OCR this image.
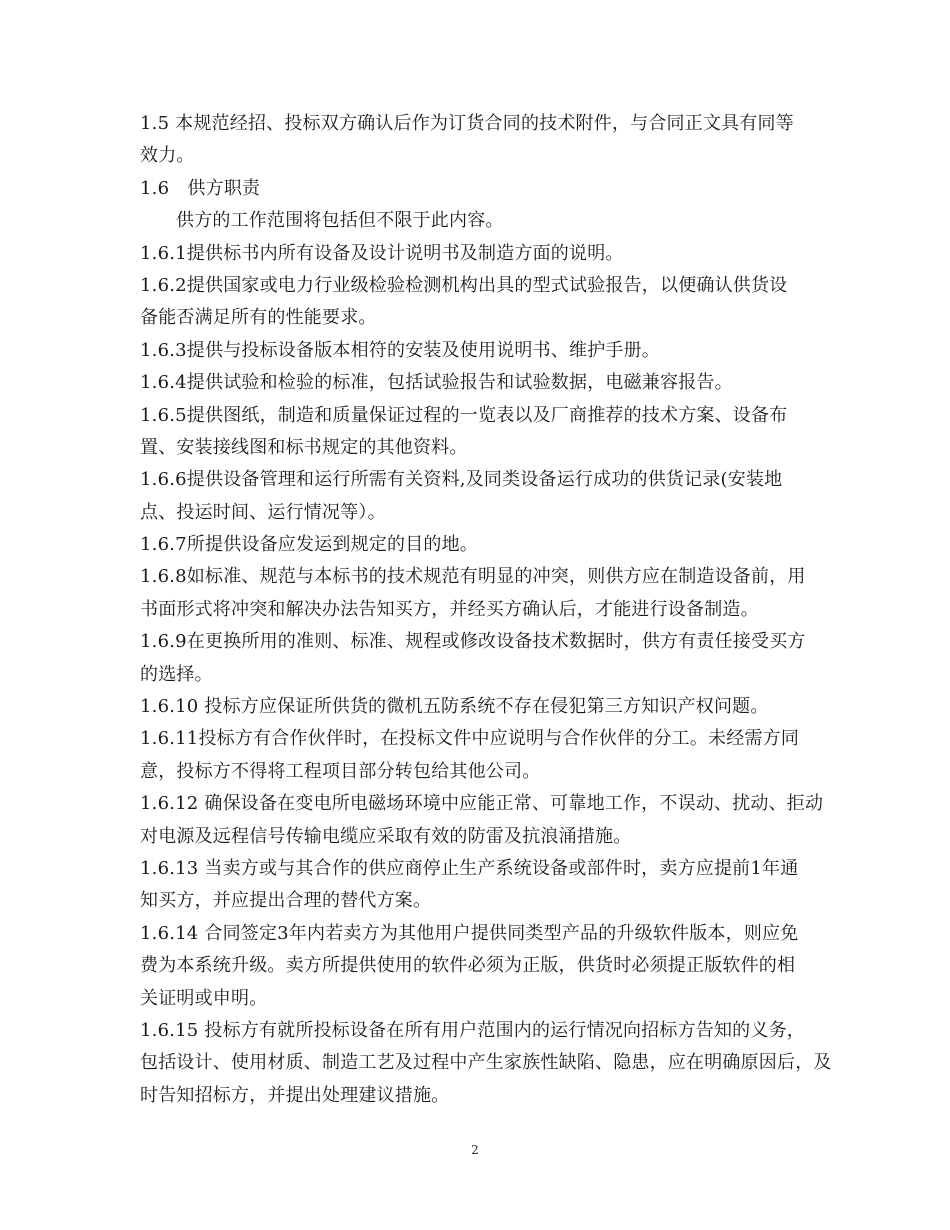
1.5 本规范经招、投标双方确认后作为订货合同的技术附件，与合同正文具有同等
效力。
1.6　供方职责
供方的工作范围将包括但不限于此内容。
1.6.1提供标书内所有设备及设计说明书及制造方面的说明。
1.6.2提供国家或电力行业级检验检测机构出具的型式试验报告，以便确认供货设
备能否满足所有的性能要求。
1.6.3提供与投标设备版本相符的安装及使用说明书、维护手册。
1.6.4提供试验和检验的标准，包括试验报告和试验数据，电磁兼容报告。
1.6.5提供图纸，制造和质量保证过程的一览表以及厂商推荐的技术方案、设备布
置、安装接线图和标书规定的其他资料。
1.6.6提供设备管理和运行所需有关资料,及同类设备运行成功的供货记录(安装地
点、投运时间、运行情况等）。
1.6.7所提供设备应发运到规定的目的地。
1.6.8如标准、规范与本标书的技术规范有明显的冲突，则供方应在制造设备前，用
书面形式将冲突和解决办法告知买方，并经买方确认后，才能进行设备制造。
1.6.9在更换所用的准则、标准、规程或修改设备技术数据时，供方有责任接受买方
的选择。
1.6.10 投标方应保证所供货的微机五防系统不存在侵犯第三方知识产权问题。
1.6.11投标方有合作伙伴时，在投标文件中应说明与合作伙伴的分工。未经需方同
意，投标方不得将工程项目部分转包给其他公司。
1.6.12 确保设备在变电所电磁场环境中应能正常、可靠地工作，不误动、扰动、拒动
对电源及远程信号传输电缆应采取有效的防雷及抗浪涌措施。
1.6.13 当卖方或与其合作的供应商停止生产系统设备或部件时，卖方应提前1年通
知买方，并应提出合理的替代方案。
1.6.14 合同签定3年内若卖方为其他用户提供同类型产品的升级软件版本，则应免
费为本系统升级。卖方所提供使用的软件必须为正版，供货时必须提正版软件的相
关证明或申明。
1.6.15 投标方有就所投标设备在所有用户范围内的运行情况向招标方告知的义务，
包括设计、使用材质、制造工艺及过程中产生家族性缺陷、隐患，应在明确原因后，及
时告知招标方，并提出处理建议措施。
2
